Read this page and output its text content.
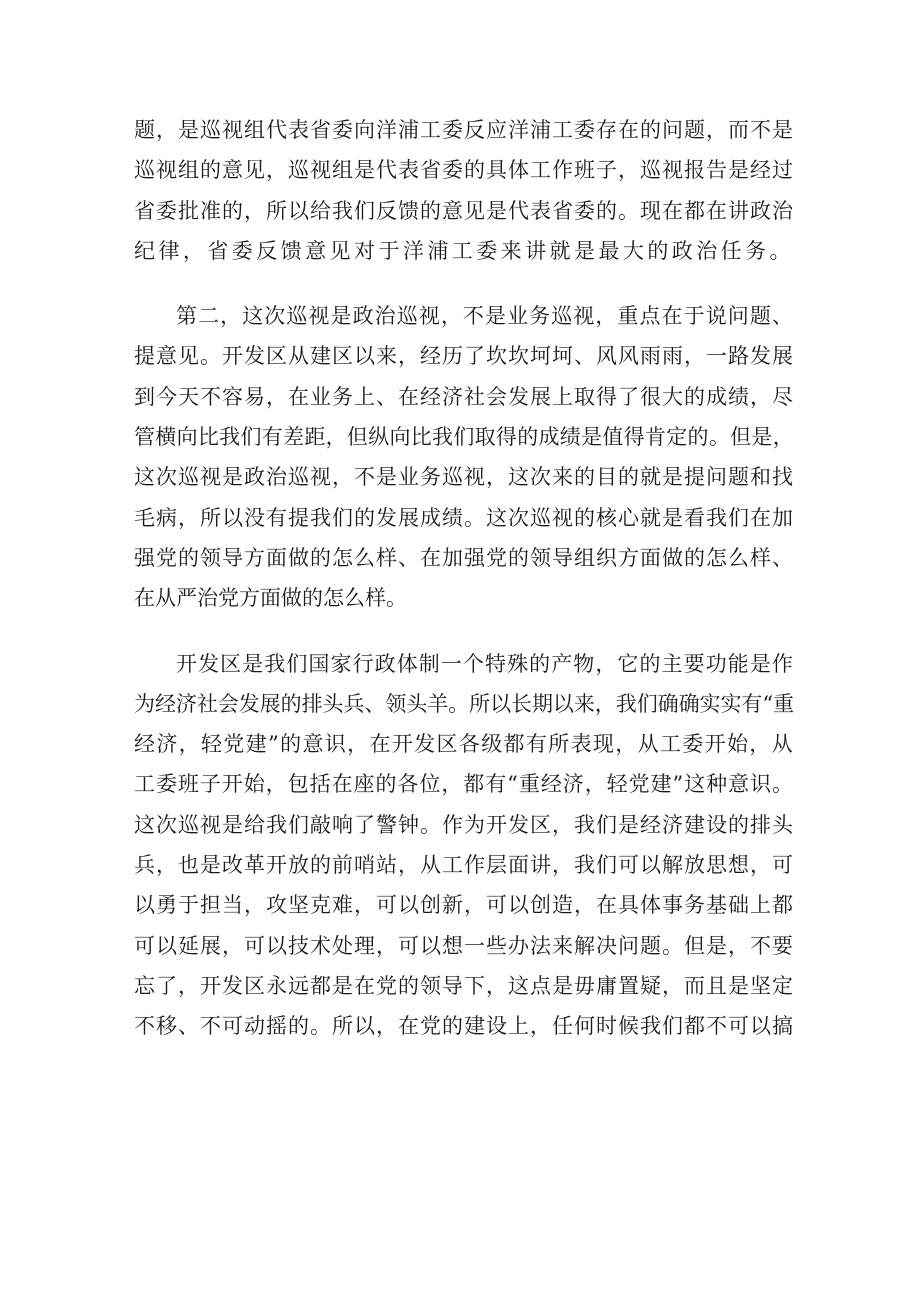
题，是巡视组代表省委向洋浦工委反应洋浦工委存在的问题，而不是
巡视组的意见，巡视组是代表省委的具体工作班子，巡视报告是经过
省委批准的，所以给我们反馈的意见是代表省委的。现在都在讲政治
纪律，省委反馈意见对于洋浦工委来讲就是最大的政治任务。

第二，这次巡视是政治巡视，不是业务巡视，重点在于说问题、
提意见。开发区从建区以来，经历了坎坎坷坷、风风雨雨，一路发展
到今天不容易，在业务上、在经济社会发展上取得了很大的成绩，尽
管横向比我们有差距，但纵向比我们取得的成绩是值得肯定的。但是，
这次巡视是政治巡视，不是业务巡视，这次来的目的就是提问题和找
毛病，所以没有提我们的发展成绩。这次巡视的核心就是看我们在加
强党的领导方面做的怎么样、在加强党的领导组织方面做的怎么样、
在从严治党方面做的怎么样。

开发区是我们国家行政体制一个特殊的产物，它的主要功能是作
为经济社会发展的排头兵、领头羊。所以长期以来，我们确确实实有“重
经济，轻党建”的意识，在开发区各级都有所表现，从工委开始，从
工委班子开始，包括在座的各位，都有“重经济，轻党建”这种意识。
这次巡视是给我们敲响了警钟。作为开发区，我们是经济建设的排头
兵，也是改革开放的前哨站，从工作层面讲，我们可以解放思想，可
以勇于担当，攻坚克难，可以创新，可以创造，在具体事务基础上都
可以延展，可以技术处理，可以想一些办法来解决问题。但是，不要
忘了，开发区永远都是在党的领导下，这点是毋庸置疑，而且是坚定
不移、不可动摇的。所以，在党的建设上，任何时候我们都不可以搞
